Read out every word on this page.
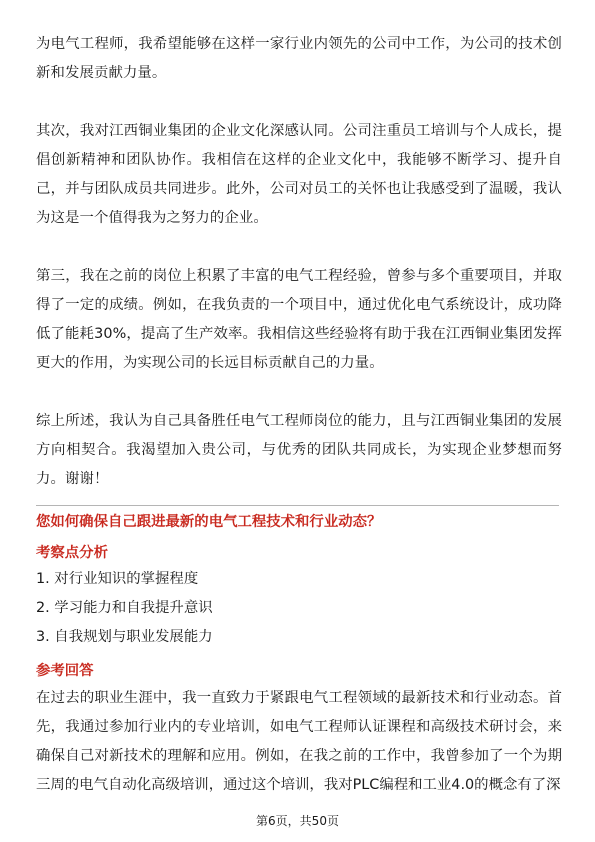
为电气工程师，我希望能够在这样一家行业内领先的公司中工作，为公司的技术创新和发展贡献力量。

其次，我对江西铜业集团的企业文化深感认同。公司注重员工培训与个人成长，提倡创新精神和团队协作。我相信在这样的企业文化中，我能够不断学习、提升自己，并与团队成员共同进步。此外，公司对员工的关怀也让我感受到了温暖，我认为这是一个值得我为之努力的企业。

第三，我在之前的岗位上积累了丰富的电气工程经验，曾参与多个重要项目，并取得了一定的成绩。例如，在我负责的一个项目中，通过优化电气系统设计，成功降低了能耗30%，提高了生产效率。我相信这些经验将有助于我在江西铜业集团发挥更大的作用，为实现公司的长远目标贡献自己的力量。

综上所述，我认为自己具备胜任电气工程师岗位的能力，且与江西铜业集团的发展方向相契合。我渴望加入贵公司，与优秀的团队共同成长，为实现企业梦想而努力。谢谢！

您如何确保自己跟进最新的电气工程技术和行业动态？

考察点分析

1. 对行业知识的掌握程度
2. 学习能力和自我提升意识
3. 自我规划与职业发展能力

参考回答

在过去的职业生涯中，我一直致力于紧跟电气工程领域的最新技术和行业动态。首先，我通过参加行业内的专业培训，如电气工程师认证课程和高级技术研讨会，来确保自己对新技术的理解和应用。例如，在我之前的工作中，我曾参加了一个为期三周的电气自动化高级培训，通过这个培训，我对PLC编程和工业4.0的概念有了深

第6页，共50页
